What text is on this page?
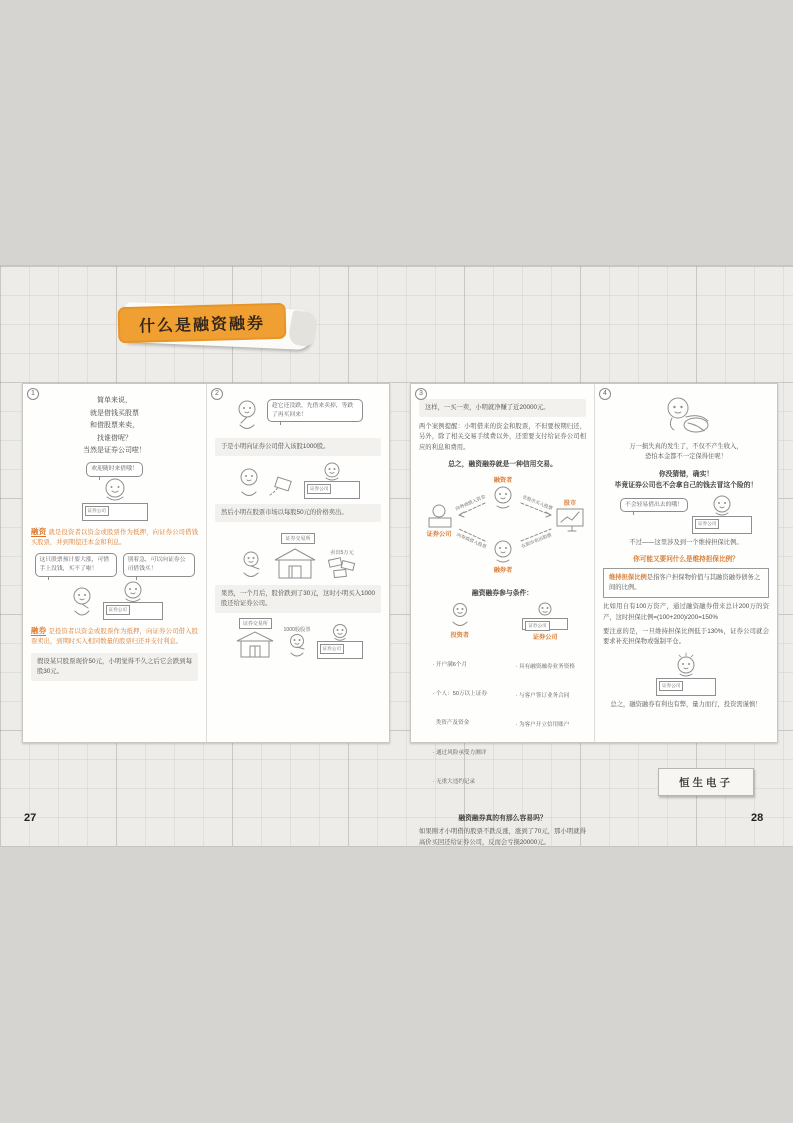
什么是融资融券
1
简单来说，
就是借钱买股票
和借股票来卖，
找谁借呢？
当然是证券公司啦！
欢迎随时来借哦！
证券公司
融资 就是投资者以资金或股票作为抵押，向证券公司借钱买股票，并到期偿还本金和利息。
这只股票预计要大涨，可惜手上没钱，买不了啦！
别着急，可以向证券公司借钱买！
证券公司
融券 是投资者以资金或股票作为抵押，向证券公司借入股票卖出，到期时买入相同数量的股票归还并支付利息。
假设某只股票现价50元，小明觉得不久之后它会跌到每股30元。
2
趁它还没跌，先借来卖掉，等跌了再买回来！
于是小明向证券公司借入该股1000股。
证券公司
然后小明在股票市场以每股50元的价格卖出。
证券交易所
卖出5万元
果然，一个月后，股价跌到了30元，这时小明买入1000股还给证券公司。
证券交易所
1000股股票
证券公司
3
这样，一买一卖，小明就净赚了近20000元。
两个案例提醒：小明借来的资金和股票，不但要按期归还，另外，除了相关交易手续费以外，还需要支付给证券公司相应的利息和费用。
总之，融资融券就是一种信用交易。
融资者
融券者
证券公司
股市
向券商借入资金	在股市买入股票
向券商借入股票	在股市卖出股票
融资融券参与条件：
投资者

· 开户满6个月

· 个人：50万以上证券

类资产及资金

· 通过风险承受力测评

· 无重大违约记录

证券公司
证券公司

· 具有融资融券业务资格

· 与客户签订业务合同

· 为客户开立信用账户

融资融券真的有那么容易吗？
如果刚才小明借的股票不跌反涨，涨到了70元，那小明就得高价买回还给证券公司，反而会亏损20000元。
4
万一损失真的发生了，不仅不产生收入，
恐怕本金都不一定保得住呢！
你没猜错，确实！
毕竟证券公司也不会拿自己的钱去冒这个险的！
不会轻易借出去的哦！
证券公司
不过——这里涉及到一个维持担保比例。
你可能又要问什么是维持担保比例？
维持担保比例是指客户担保物价值与其融资融券债务之间的比例。
比如用自有100万资产，通过融资融券借来总计200万的资产，这时担保比例=(100+200)/200=150%
要注意的是，一旦维持担保比例低于130%，证券公司就会要求补充担保物或强制平仓。
证券公司
总之，融资融券有利也有弊，量力而行，投资需谨慎！
恒生电子
27	28
